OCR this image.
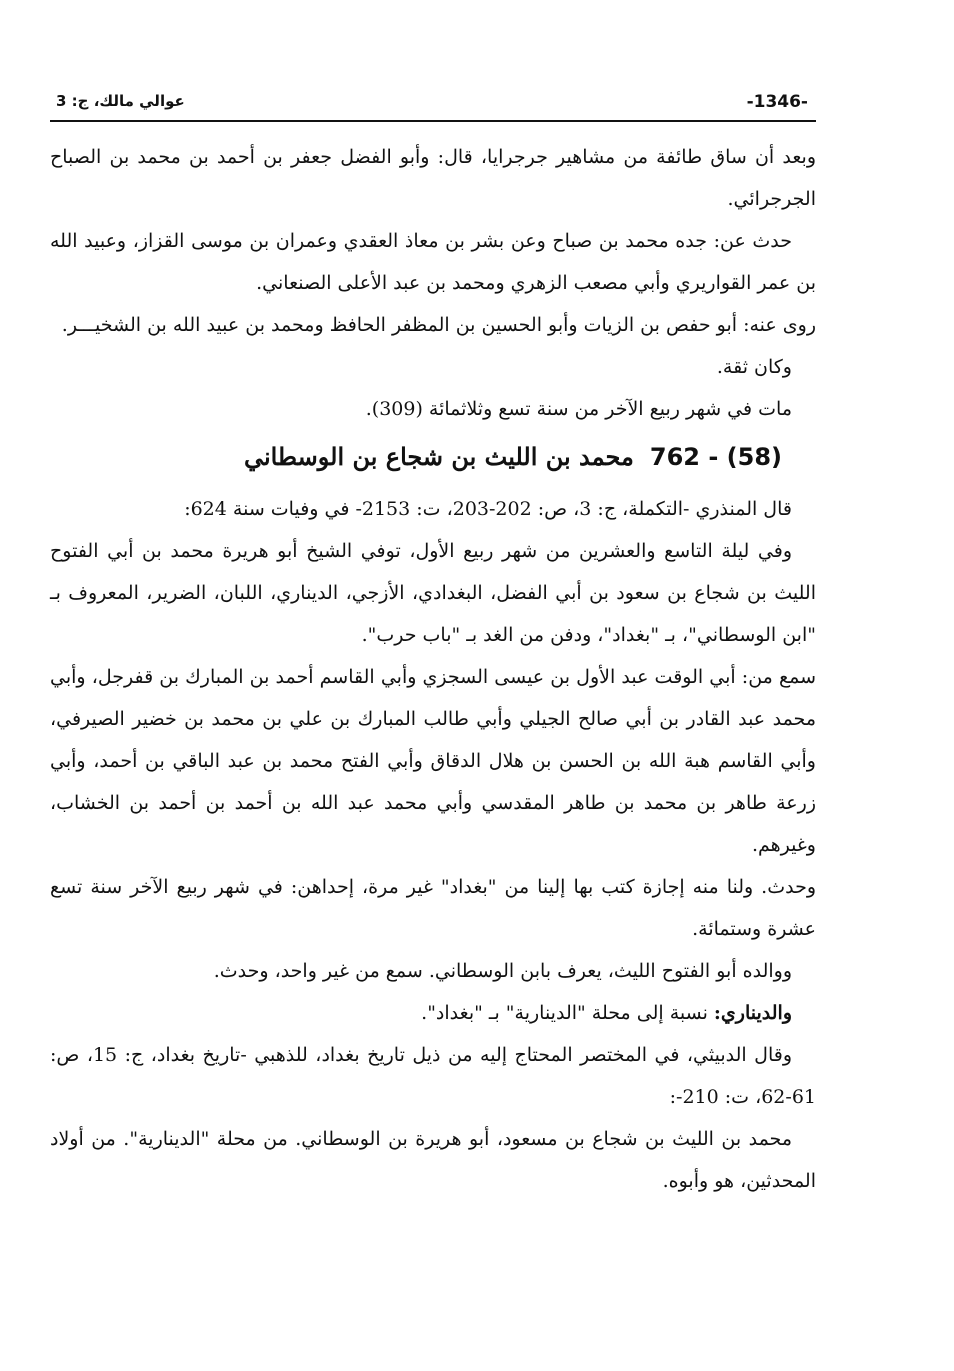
-1346-
عوالي مالك، ج: 3

وبعد أن ساق طائفة من مشاهير جرجرايا، قال: وأبو الفضل جعفر بن أحمد بن محمد بن الصباح الجرجرائي.

حدث عن: جده محمد بن صباح وعن بشر بن معاذ العقدي وعمران بن موسى القزاز، وعبيد الله بن عمر القواريري وأبي مصعب الزهري ومحمد بن عبد الأعلى الصنعاني.

روى عنه: أبو حفص بن الزيات وأبو الحسين بن المظفر الحافظ ومحمد بن عبيد الله بن الشخيـــر.

وكان ثقة.

مات في شهر ربيع الآخر من سنة تسع وثلاثمائة (309).

762 - (58)
محمد بن الليث بن شجاع بن الوسطاني

قال المنذري -التكملة، ج: 3، ص: 202-203، ت: 2153- في وفيات سنة 624:

وفي ليلة التاسع والعشرين من شهر ربيع الأول، توفي الشيخ أبو هريرة محمد بن أبي الفتوح الليث بن شجاع بن سعود بن أبي الفضل، البغدادي، الأزجي، الديناري، اللبان، الضرير، المعروف بـ "ابن الوسطاني"، بـ "بغداد"، ودفن من الغد بـ "باب حرب".

سمع من: أبي الوقت عبد الأول بن عيسى السجزي وأبي القاسم أحمد بن المبارك بن قفرجل، وأبي محمد عبد القادر بن أبي صالح الجيلي وأبي طالب المبارك بن علي بن محمد بن خضير الصيرفي، وأبي القاسم هبة الله بن الحسن بن هلال الدقاق وأبي الفتح محمد بن عبد الباقي بن أحمد، وأبي زرعة طاهر بن محمد بن طاهر المقدسي وأبي محمد عبد الله بن أحمد بن أحمد بن الخشاب، وغيرهم.

وحدث. ولنا منه إجازة كتب بها إلينا من "بغداد" غير مرة، إحداهن: في شهر ربيع الآخر سنة تسع عشرة وستمائة.

ووالده أبو الفتوح الليث، يعرف بابن الوسطاني. سمع من غير واحد، وحدث.

والديناري: نسبة إلى محلة "الدينارية" بـ "بغداد".

وقال الدبيثي، في المختصر المحتاج إليه من ذيل تاريخ بغداد، للذهبي -تاريخ بغداد، ج: 15، ص: 61-62، ت: 210-:

محمد بن الليث بن شجاع بن مسعود، أبو هريرة بن الوسطاني. من محلة "الدينارية". من أولاد المحدثين، هو وأبوه.
